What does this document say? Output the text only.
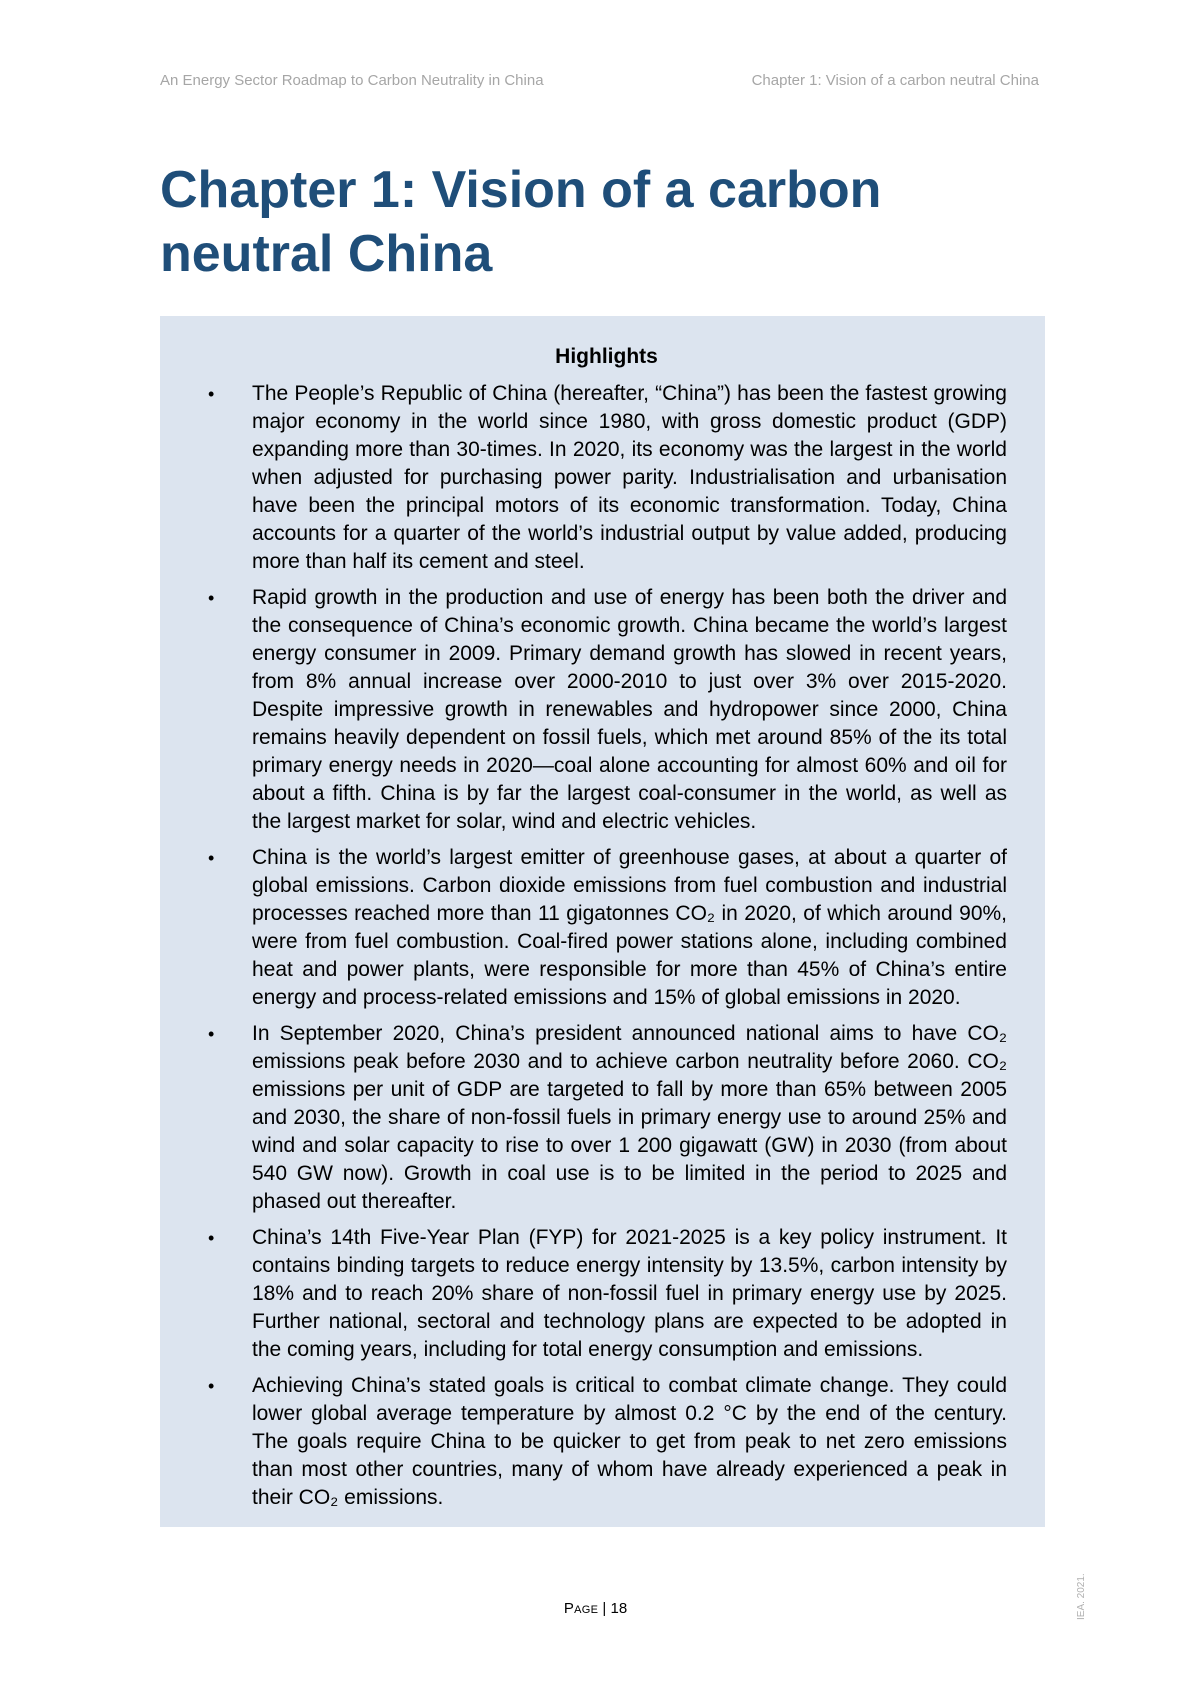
An Energy Sector Roadmap to Carbon Neutrality in China	Chapter 1: Vision of a carbon neutral China
Chapter 1: Vision of a carbon neutral China
Highlights
• The People’s Republic of China (hereafter, “China”) has been the fastest growing major economy in the world since 1980, with gross domestic product (GDP) expanding more than 30-times. In 2020, its economy was the largest in the world when adjusted for purchasing power parity. Industrialisation and urbanisation have been the principal motors of its economic transformation. Today, China accounts for a quarter of the world’s industrial output by value added, producing more than half its cement and steel.
• Rapid growth in the production and use of energy has been both the driver and the consequence of China’s economic growth. China became the world’s largest energy consumer in 2009. Primary demand growth has slowed in recent years, from 8% annual increase over 2000-2010 to just over 3% over 2015-2020. Despite impressive growth in renewables and hydropower since 2000, China remains heavily dependent on fossil fuels, which met around 85% of the its total primary energy needs in 2020—coal alone accounting for almost 60% and oil for about a fifth. China is by far the largest coal-consumer in the world, as well as the largest market for solar, wind and electric vehicles.
• China is the world’s largest emitter of greenhouse gases, at about a quarter of global emissions. Carbon dioxide emissions from fuel combustion and industrial processes reached more than 11 gigatonnes CO₂ in 2020, of which around 90%, were from fuel combustion. Coal-fired power stations alone, including combined heat and power plants, were responsible for more than 45% of China’s entire energy and process-related emissions and 15% of global emissions in 2020.
• In September 2020, China’s president announced national aims to have CO₂ emissions peak before 2030 and to achieve carbon neutrality before 2060. CO₂ emissions per unit of GDP are targeted to fall by more than 65% between 2005 and 2030, the share of non-fossil fuels in primary energy use to around 25% and wind and solar capacity to rise to over 1 200 gigawatt (GW) in 2030 (from about 540 GW now). Growth in coal use is to be limited in the period to 2025 and phased out thereafter.
• China’s 14th Five-Year Plan (FYP) for 2021-2025 is a key policy instrument. It contains binding targets to reduce energy intensity by 13.5%, carbon intensity by 18% and to reach 20% share of non-fossil fuel in primary energy use by 2025. Further national, sectoral and technology plans are expected to be adopted in the coming years, including for total energy consumption and emissions.
• Achieving China’s stated goals is critical to combat climate change. They could lower global average temperature by almost 0.2 °C by the end of the century. The goals require China to be quicker to get from peak to net zero emissions than most other countries, many of whom have already experienced a peak in their CO₂ emissions.
Page | 18	IEA. 2021.
